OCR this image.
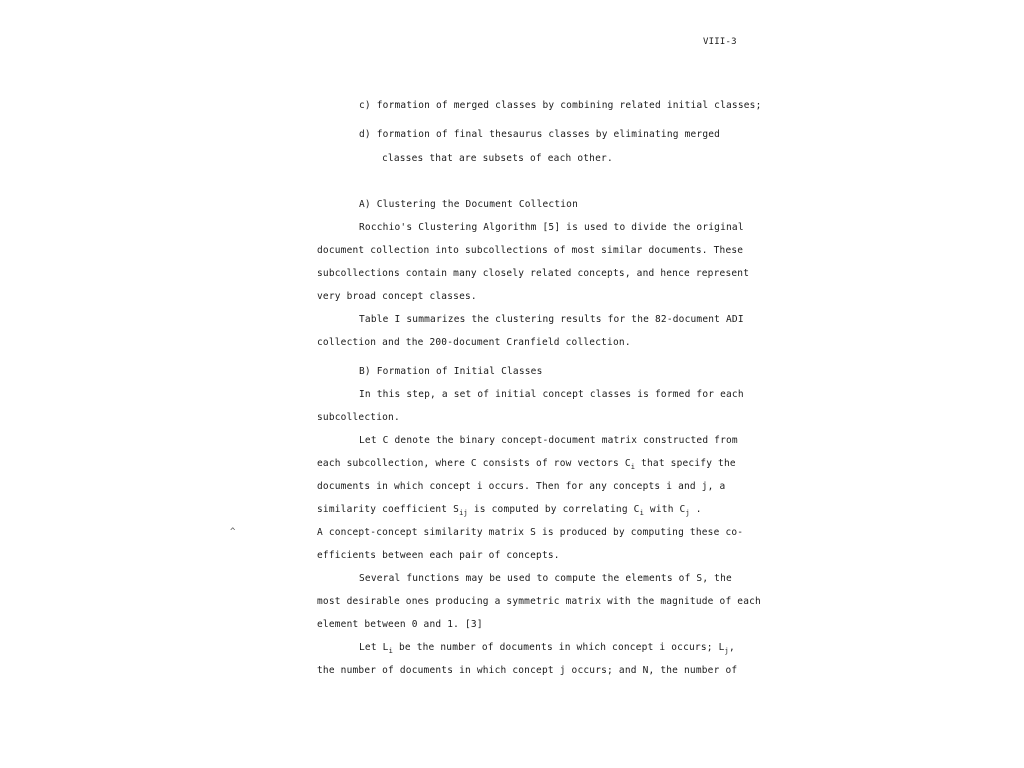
VIII-3
c) formation of merged classes by combining related initial classes;
d) formation of final thesaurus classes by eliminating merged
classes that are subsets of each other.
A) Clustering the Document Collection
Rocchio's Clustering Algorithm [5] is used to divide the original
document collection into subcollections of most similar documents. These
subcollections contain many closely related concepts, and hence represent
very broad concept classes.
Table I summarizes the clustering results for the 82-document ADI
collection and the 200-document Cranfield collection.
B) Formation of Initial Classes
In this step, a set of initial concept classes is formed for each
subcollection.
Let C denote the binary concept-document matrix constructed from
each subcollection, where C consists of row vectors $C_i$ that specify the
documents in which concept i occurs. Then for any concepts i and j, a
similarity coefficient $S_{ij}$ is computed by correlating $C_i$ with $C_j$ .
^	A concept-concept similarity matrix S is produced by computing these co-
efficients between each pair of concepts.
Several functions may be used to compute the elements of S, the
most desirable ones producing a symmetric matrix with the magnitude of each
element between 0 and 1. [3]
Let $L_i$ be the number of documents in which concept i occurs; $L_j$,
the number of documents in which concept j occurs; and N, the number of
